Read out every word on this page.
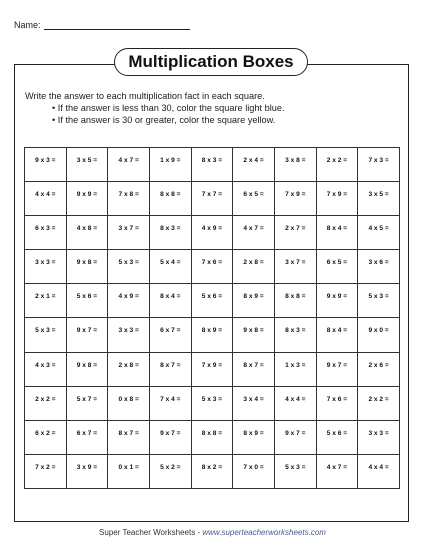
Name:
Multiplication Boxes
Write the answer to each multiplication fact in each square.
• If the answer is less than 30, color the square light blue.
• If the answer is 30 or greater, color the square yellow.
9 x 3 =	3 x 5 =	4 x 7 =	1 x 9 =	8 x 3 =	2 x 4 =	3 x 8 =	2 x 2 =	7 x 3 =
4 x 4 =	9 x 9 =	7 x 8 =	8 x 8 =	7 x 7 =	6 x 5 =	7 x 9 =	7 x 9 =	3 x 5 =
6 x 3 =	4 x 8 =	3 x 7 =	8 x 3 =	4 x 9 =	4 x 7 =	2 x 7 =	8 x 4 =	4 x 5 =
3 x 3 =	9 x 8 =	5 x 3 =	5 x 4 =	7 x 6 =	2 x 8 =	3 x 7 =	6 x 5 =	3 x 6 =
2 x 1 =	5 x 6 =	4 x 9 =	8 x 4 =	5 x 6 =	8 x 9 =	8 x 8 =	9 x 9 =	5 x 3 =
5 x 3 =	9 x 7 =	3 x 3 =	6 x 7 =	8 x 9 =	9 x 8 =	8 x 3 =	8 x 4 =	9 x 0 =
4 x 3 =	9 x 8 =	2 x 8 =	8 x 7 =	7 x 9 =	8 x 7 =	1 x 3 =	9 x 7 =	2 x 6 =
2 x 2 =	5 x 7 =	0 x 8 =	7 x 4 =	5 x 3 =	3 x 4 =	4 x 4 =	7 x 6 =	2 x 2 =
6 x 2 =	6 x 7 =	8 x 7 =	9 x 7 =	8 x 8 =	8 x 9 =	9 x 7 =	5 x 6 =	3 x 3 =
7 x 2 =	3 x 9 =	0 x 1 =	5 x 2 =	8 x 2 =	7 x 0 =	5 x 3 =	4 x 7 =	4 x 4 =
Super Teacher Worksheets - www.superteacherworksheets.com
